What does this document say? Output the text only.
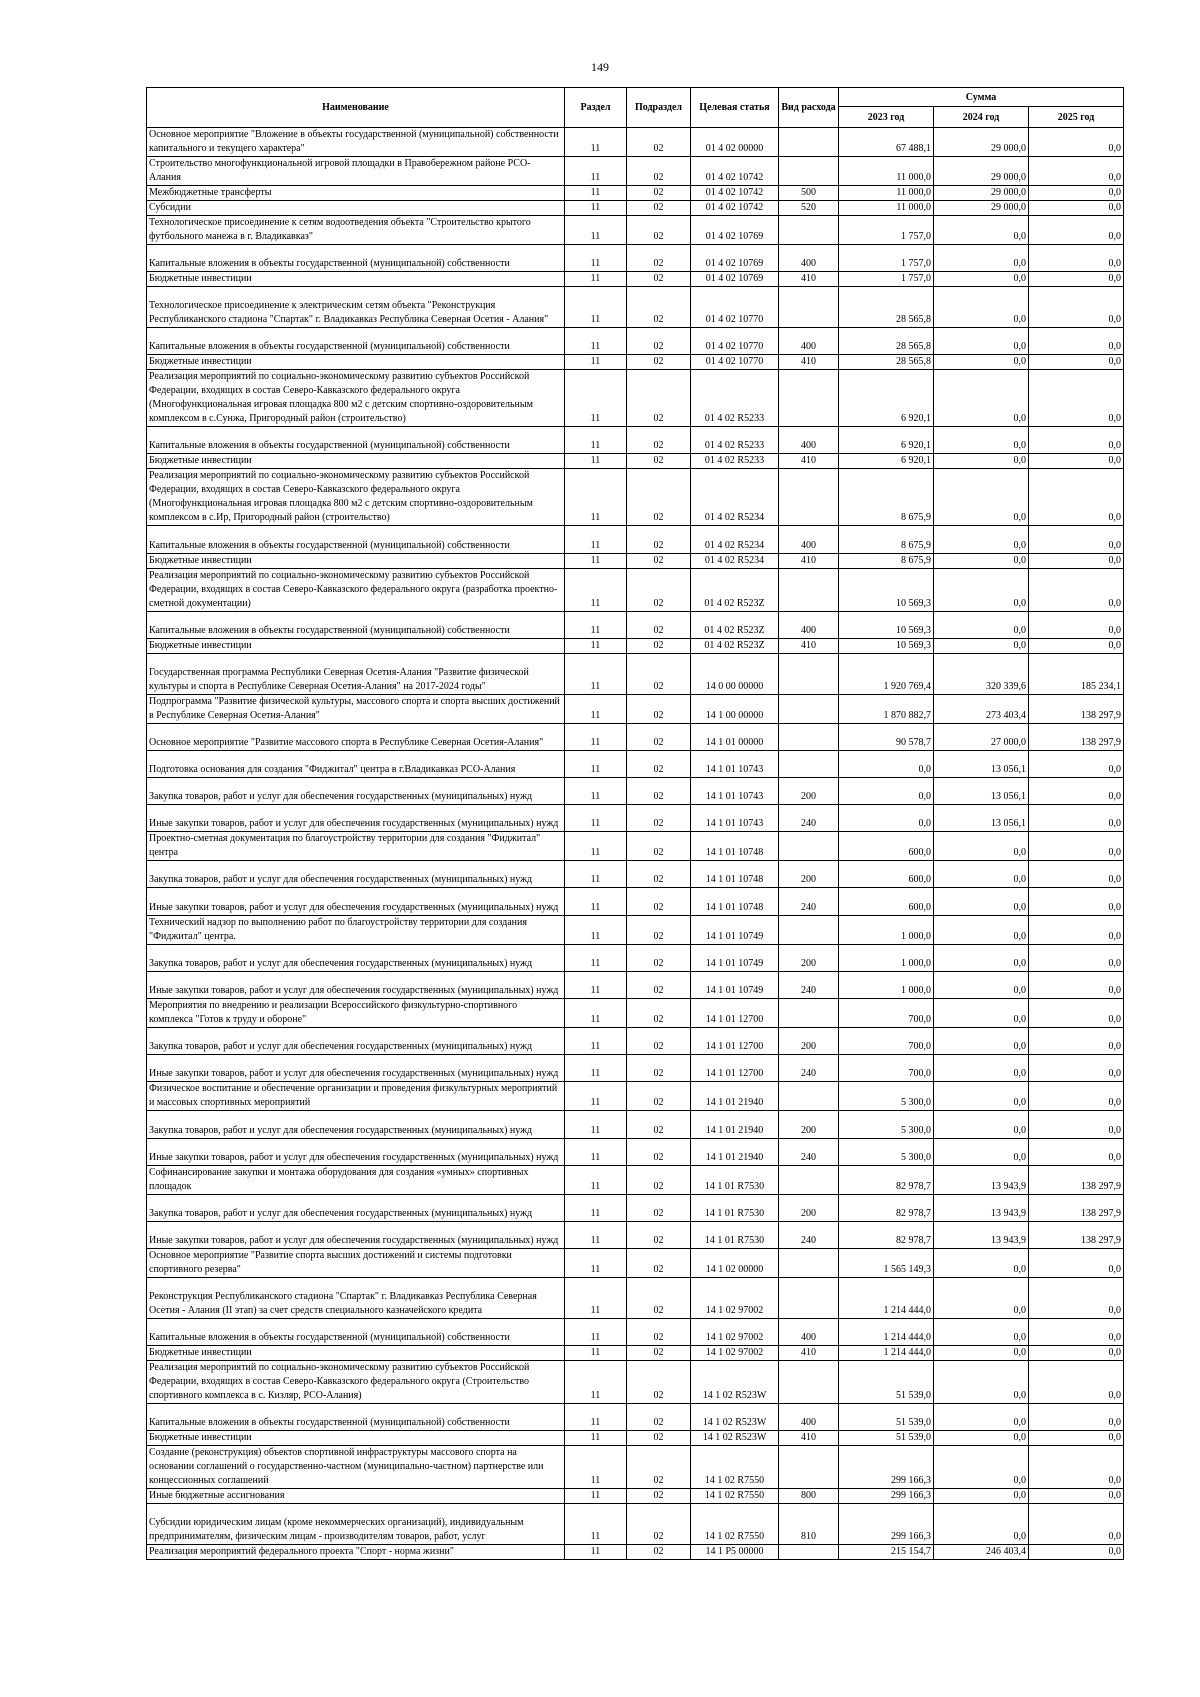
149
Наименование	Раздел	Подраздел	Целевая статья	Вид расхода	Сумма		
					2023 год	2024 год	2025 год
Основное мероприятие "Вложение в объекты государственной (муниципальной) собственности капитального и текущего характера"	11	02	01 4 02 00000		67 488,1	29 000,0	0,0
Строительство многофункциональной игровой площадки в Правобережном районе РСО-Алания	11	02	01 4 02 10742		11 000,0	29 000,0	0,0
Межбюджетные трансферты	11	02	01 4 02 10742	500	11 000,0	29 000,0	0,0
Субсидии	11	02	01 4 02 10742	520	11 000,0	29 000,0	0,0
Технологическое присоединение к сетям водоотведения объекта "Строительство крытого футбольного манежа в г. Владикавказ"	11	02	01 4 02 10769		1 757,0	0,0	0,0
Капитальные вложения в объекты государственной (муниципальной) собственности	11	02	01 4 02 10769	400	1 757,0	0,0	0,0
Бюджетные инвестиции	11	02	01 4 02 10769	410	1 757,0	0,0	0,0
Технологическое присоединение к электрическим сетям объекта "Реконструкция Республиканского стадиона "Спартак" г. Владикавказ Республика Северная Осетия - Алания"	11	02	01 4 02 10770		28 565,8	0,0	0,0
Капитальные вложения в объекты государственной (муниципальной) собственности	11	02	01 4 02 10770	400	28 565,8	0,0	0,0
Бюджетные инвестиции	11	02	01 4 02 10770	410	28 565,8	0,0	0,0
Реализация мероприятий по социально-экономическому развитию субъектов Российской Федерации, входящих в состав Северо-Кавказского федерального округа (Многофункциональная игровая площадка 800 м2 с детским спортивно-оздоровительным комплексом в с.Сунжа, Пригородный район (строительство)	11	02	01 4 02 R5233		6 920,1	0,0	0,0
Капитальные вложения в объекты государственной (муниципальной) собственности	11	02	01 4 02 R5233	400	6 920,1	0,0	0,0
Бюджетные инвестиции	11	02	01 4 02 R5233	410	6 920,1	0,0	0,0
Реализация мероприятий по социально-экономическому развитию субъектов Российской Федерации, входящих в состав Северо-Кавказского федерального округа (Многофункциональная игровая площадка 800 м2 с детским спортивно-оздоровительным комплексом в с.Ир, Пригородный район (строительство)	11	02	01 4 02 R5234		8 675,9	0,0	0,0
Капитальные вложения в объекты государственной (муниципальной) собственности	11	02	01 4 02 R5234	400	8 675,9	0,0	0,0
Бюджетные инвестиции	11	02	01 4 02 R5234	410	8 675,9	0,0	0,0
Реализация мероприятий по социально-экономическому развитию субъектов Российской Федерации, входящих в состав Северо-Кавказского федерального округа (разработка проектно-сметной документации)	11	02	01 4 02 R523Z		10 569,3	0,0	0,0
Капитальные вложения в объекты государственной (муниципальной) собственности	11	02	01 4 02 R523Z	400	10 569,3	0,0	0,0
Бюджетные инвестиции	11	02	01 4 02 R523Z	410	10 569,3	0,0	0,0
Государственная программа Республики Северная Осетия-Алания "Развитие физической культуры и спорта в Республике Северная Осетия-Алания" на 2017-2024 годы"	11	02	14 0 00 00000		1 920 769,4	320 339,6	185 234,1
Подпрограмма "Развитие физической культуры, массового спорта и спорта высших достижений в Республике Северная Осетия-Алания"	11	02	14 1 00 00000		1 870 882,7	273 403,4	138 297,9
Основное мероприятие "Развитие массового спорта в Республике Северная Осетия-Алания"	11	02	14 1 01 00000		90 578,7	27 000,0	138 297,9
Подготовка основания для создания "Фиджитал" центра в г.Владикавказ РСО-Алания	11	02	14 1 01 10743		0,0	13 056,1	0,0
Закупка товаров, работ и услуг для обеспечения государственных (муниципальных) нужд	11	02	14 1 01 10743	200	0,0	13 056,1	0,0
Иные закупки товаров, работ и услуг для обеспечения государственных (муниципальных) нужд	11	02	14 1 01 10743	240	0,0	13 056,1	0,0
Проектно-сметная документация по благоустройству территории для создания "Фиджитал" центра	11	02	14 1 01 10748		600,0	0,0	0,0
Закупка товаров, работ и услуг для обеспечения государственных (муниципальных) нужд	11	02	14 1 01 10748	200	600,0	0,0	0,0
Иные закупки товаров, работ и услуг для обеспечения государственных (муниципальных) нужд	11	02	14 1 01 10748	240	600,0	0,0	0,0
Технический надзор по выполнению работ по благоустройству территории для создания "Фиджитал" центра.	11	02	14 1 01 10749		1 000,0	0,0	0,0
Закупка товаров, работ и услуг для обеспечения государственных (муниципальных) нужд	11	02	14 1 01 10749	200	1 000,0	0,0	0,0
Иные закупки товаров, работ и услуг для обеспечения государственных (муниципальных) нужд	11	02	14 1 01 10749	240	1 000,0	0,0	0,0
Мероприятия по внедрению и реализации Всероссийского физкультурно-спортивного комплекса "Готов к труду и обороне"	11	02	14 1 01 12700		700,0	0,0	0,0
Закупка товаров, работ и услуг для обеспечения государственных (муниципальных) нужд	11	02	14 1 01 12700	200	700,0	0,0	0,0
Иные закупки товаров, работ и услуг для обеспечения государственных (муниципальных) нужд	11	02	14 1 01 12700	240	700,0	0,0	0,0
Физическое воспитание и обеспечение организации и проведения физкультурных мероприятий и массовых спортивных мероприятий	11	02	14 1 01 21940		5 300,0	0,0	0,0
Закупка товаров, работ и услуг для обеспечения государственных (муниципальных) нужд	11	02	14 1 01 21940	200	5 300,0	0,0	0,0
Иные закупки товаров, работ и услуг для обеспечения государственных (муниципальных) нужд	11	02	14 1 01 21940	240	5 300,0	0,0	0,0
Софинансирование закупки и монтажа оборудования для создания «умных» спортивных площадок	11	02	14 1 01 R7530		82 978,7	13 943,9	138 297,9
Закупка товаров, работ и услуг для обеспечения государственных (муниципальных) нужд	11	02	14 1 01 R7530	200	82 978,7	13 943,9	138 297,9
Иные закупки товаров, работ и услуг для обеспечения государственных (муниципальных) нужд	11	02	14 1 01 R7530	240	82 978,7	13 943,9	138 297,9
Основное мероприятие "Развитие спорта высших достижений и системы подготовки спортивного резерва"	11	02	14 1 02 00000		1 565 149,3	0,0	0,0
Реконструкция Республиканского стадиона "Спартак" г. Владикавказ Республика Северная Осетия - Алания (II этап) за счет средств специального казначейского кредита	11	02	14 1 02 97002		1 214 444,0	0,0	0,0
Капитальные вложения в объекты государственной (муниципальной) собственности	11	02	14 1 02 97002	400	1 214 444,0	0,0	0,0
Бюджетные инвестиции	11	02	14 1 02 97002	410	1 214 444,0	0,0	0,0
Реализация мероприятий по социально-экономическому развитию субъектов Российской Федерации, входящих в состав Северо-Кавказского федерального округа (Строительство спортивного комплекса в с. Кизляр, РСО-Алания)	11	02	14 1 02 R523W		51 539,0	0,0	0,0
Капитальные вложения в объекты государственной (муниципальной) собственности	11	02	14 1 02 R523W	400	51 539,0	0,0	0,0
Бюджетные инвестиции	11	02	14 1 02 R523W	410	51 539,0	0,0	0,0
Создание (реконструкция) объектов спортивной инфраструктуры массового спорта на основании соглашений о государственно-частном (муниципально-частном) партнерстве или концессионных соглашений	11	02	14 1 02 R7550		299 166,3	0,0	0,0
Иные бюджетные ассигнования	11	02	14 1 02 R7550	800	299 166,3	0,0	0,0
Субсидии юридическим лицам (кроме некоммерческих организаций), индивидуальным предпринимателям, физическим лицам - производителям товаров, работ, услуг	11	02	14 1 02 R7550	810	299 166,3	0,0	0,0
Реализация мероприятий федерального проекта "Спорт - норма жизни"	11	02	14 1 P5 00000		215 154,7	246 403,4	0,0
